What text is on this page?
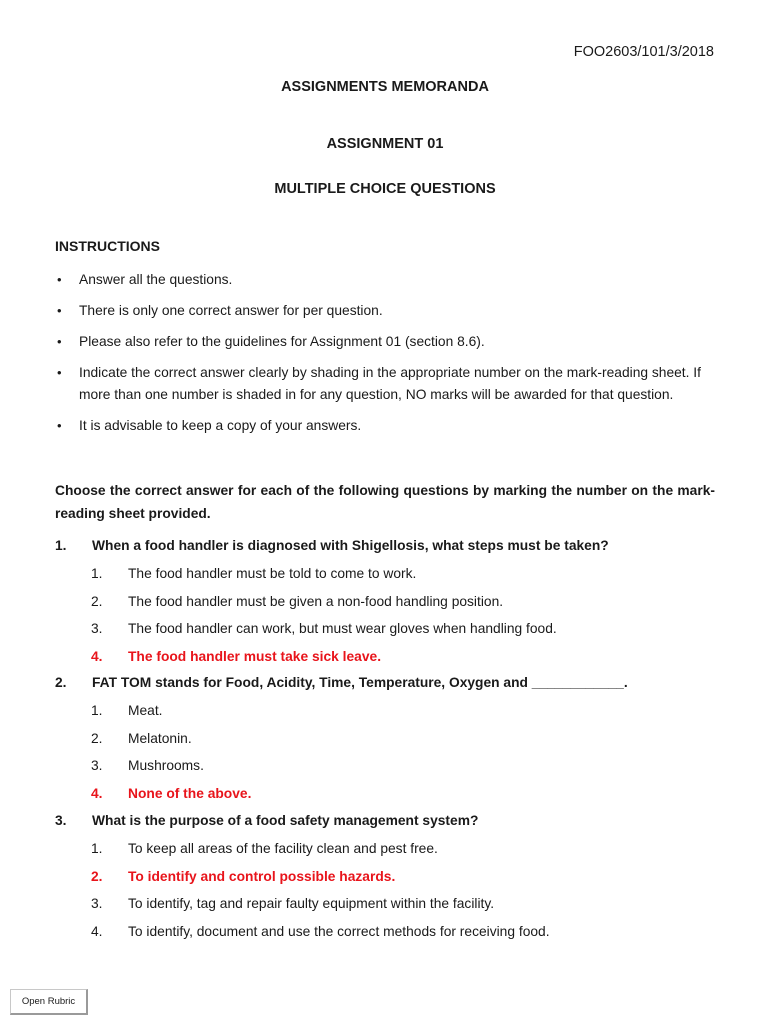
FOO2603/101/3/2018
ASSIGNMENTS MEMORANDA
ASSIGNMENT 01
MULTIPLE CHOICE QUESTIONS
INSTRUCTIONS
• Answer all the questions.
• There is only one correct answer for per question.
• Please also refer to the guidelines for Assignment 01 (section 8.6).
• Indicate the correct answer clearly by shading in the appropriate number on the mark-reading sheet. If more than one number is shaded in for any question, NO marks will be awarded for that question.
• It is advisable to keep a copy of your answers.
Choose the correct answer for each of the following questions by marking the number on the mark-reading sheet provided.
1. When a food handler is diagnosed with Shigellosis, what steps must be taken?
1. The food handler must be told to come to work.
2. The food handler must be given a non-food handling position.
3. The food handler can work, but must wear gloves when handling food.
4. The food handler must take sick leave.
2. FAT TOM stands for Food, Acidity, Time, Temperature, Oxygen and ____________.
1. Meat.
2. Melatonin.
3. Mushrooms.
4. None of the above.
3. What is the purpose of a food safety management system?
1. To keep all areas of the facility clean and pest free.
2. To identify and control possible hazards.
3. To identify, tag and repair faulty equipment within the facility.
4. To identify, document and use the correct methods for receiving food.
Open Rubric
